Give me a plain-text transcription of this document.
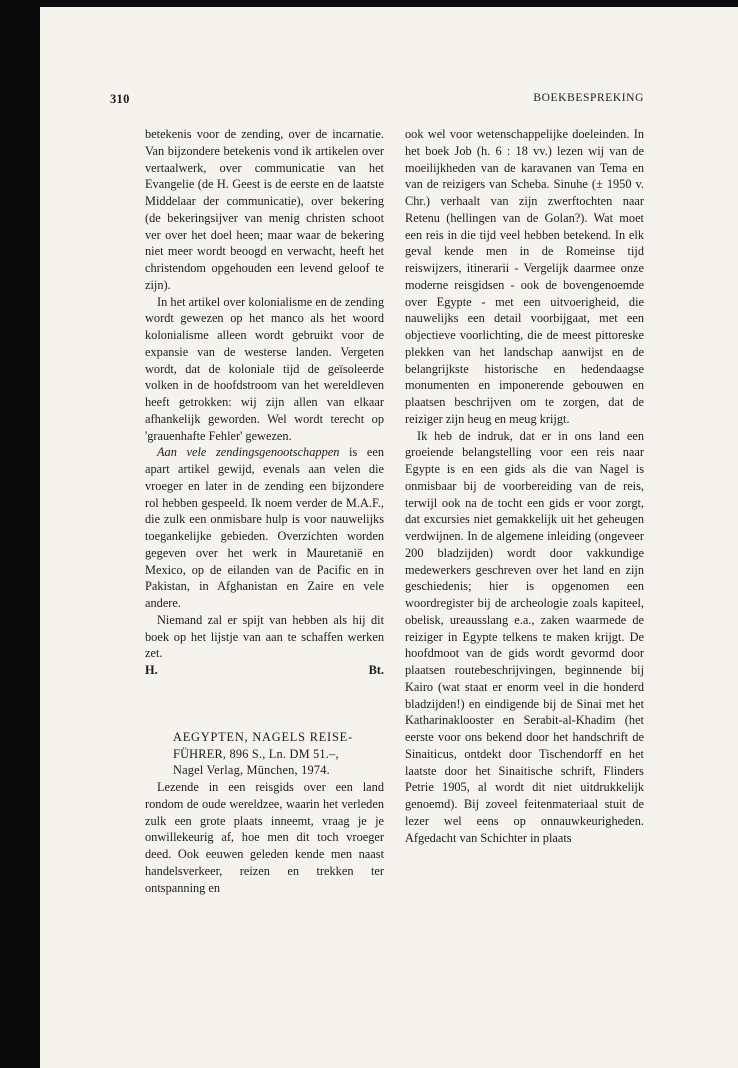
310	BOEKBESPREKING

betekenis voor de zending, over de incarnatie. Van bijzondere betekenis vond ik artikelen over vertaalwerk, over communicatie van het Evangelie (de H. Geest is de eerste en de laatste Middelaar der communicatie), over bekering (de bekeringsijver van menig christen schoot ver over het doel heen; maar waar de bekering niet meer wordt beoogd en verwacht, heeft het christendom opgehouden een levend geloof te zijn).

In het artikel over kolonialisme en de zending wordt gewezen op het manco als het woord kolonialisme alleen wordt gebruikt voor de expansie van de westerse landen. Vergeten wordt, dat de koloniale tijd de geïsoleerde volken in de hoofdstroom van het wereldleven heeft getrokken: wij zijn allen van elkaar afhankelijk geworden. Wel wordt terecht op 'grauenhafte Fehler' gewezen.

Aan vele zendingsgenootschappen is een apart artikel gewijd, evenals aan velen die vroeger en later in de zending een bijzondere rol hebben gespeeld. Ik noem verder de M.A.F., die zulk een onmisbare hulp is voor nauwelijks toegankelijke gebieden. Overzichten worden gegeven over het werk in Mauretanië en Mexico, op de eilanden van de Pacific en in Pakistan, in Afghanistan en Zaire en vele andere.

Niemand zal er spijt van hebben als hij dit boek op het lijstje van aan te schaffen werken zet.

H.	Bt.
AEGYPTEN, NAGELS REISE-
FÜHRER, 896 S., Ln. DM 51.–,
Nagel Verlag, München, 1974.

Lezende in een reisgids over een land rondom de oude wereldzee, waarin het verleden zulk een grote plaats inneemt, vraag je je onwillekeurig af, hoe men dit toch vroeger deed. Ook eeuwen geleden kende men naast handelsverkeer, reizen en trekken ter ontspanning en

ook wel voor wetenschappelijke doeleinden. In het boek Job (h. 6 : 18 vv.) lezen wij van de moeilijkheden van de karavanen van Tema en van de reizigers van Scheba. Sinuhe (± 1950 v. Chr.) verhaalt van zijn zwerftochten naar Retenu (hellingen van de Golan?). Wat moet een reis in die tijd veel hebben betekend. In elk geval kende men in de Romeinse tijd reiswijzers, itinerarii - Vergelijk daarmee onze moderne reisgidsen - ook de bovengenoemde over Egypte - met een uitvoerigheid, die nauwelijks een detail voorbijgaat, met een objectieve voorlichting, die de meest pittoreske plekken van het landschap aanwijst en de belangrijkste historische en hedendaagse monumenten en imponerende gebouwen en plaatsen beschrijven om te zorgen, dat de reiziger zijn heug en meug krijgt.

Ik heb de indruk, dat er in ons land een groeiende belangstelling voor een reis naar Egypte is en een gids als die van Nagel is onmisbaar bij de voorbereiding van de reis, terwijl ook na de tocht een gids er voor zorgt, dat excursies niet gemakkelijk uit het geheugen verdwijnen. In de algemene inleiding (ongeveer 200 bladzijden) wordt door vakkundige medewerkers geschreven over het land en zijn geschiedenis; hier is opgenomen een woordregister bij de archeologie zoals kapiteel, obelisk, ureausslang e.a., zaken waarmede de reiziger in Egypte telkens te maken krijgt. De hoofdmoot van de gids wordt gevormd door plaatsen routebeschrijvingen, beginnende bij Kairo (wat staat er enorm veel in die honderd bladzijden!) en eindigende bij de Sinai met het Katharinaklooster en Serabit-al-Khadim (het eerste voor ons bekend door het handschrift de Sinaiticus, ontdekt door Tischendorff en het laatste door het Sinaitische schrift, Flinders Petrie 1905, al wordt dit niet uitdrukkelijk genoemd). Bij zoveel feitenmateriaal stuit de lezer wel eens op onnauwkeurigheden. Afgedacht van Schichter in plaats
